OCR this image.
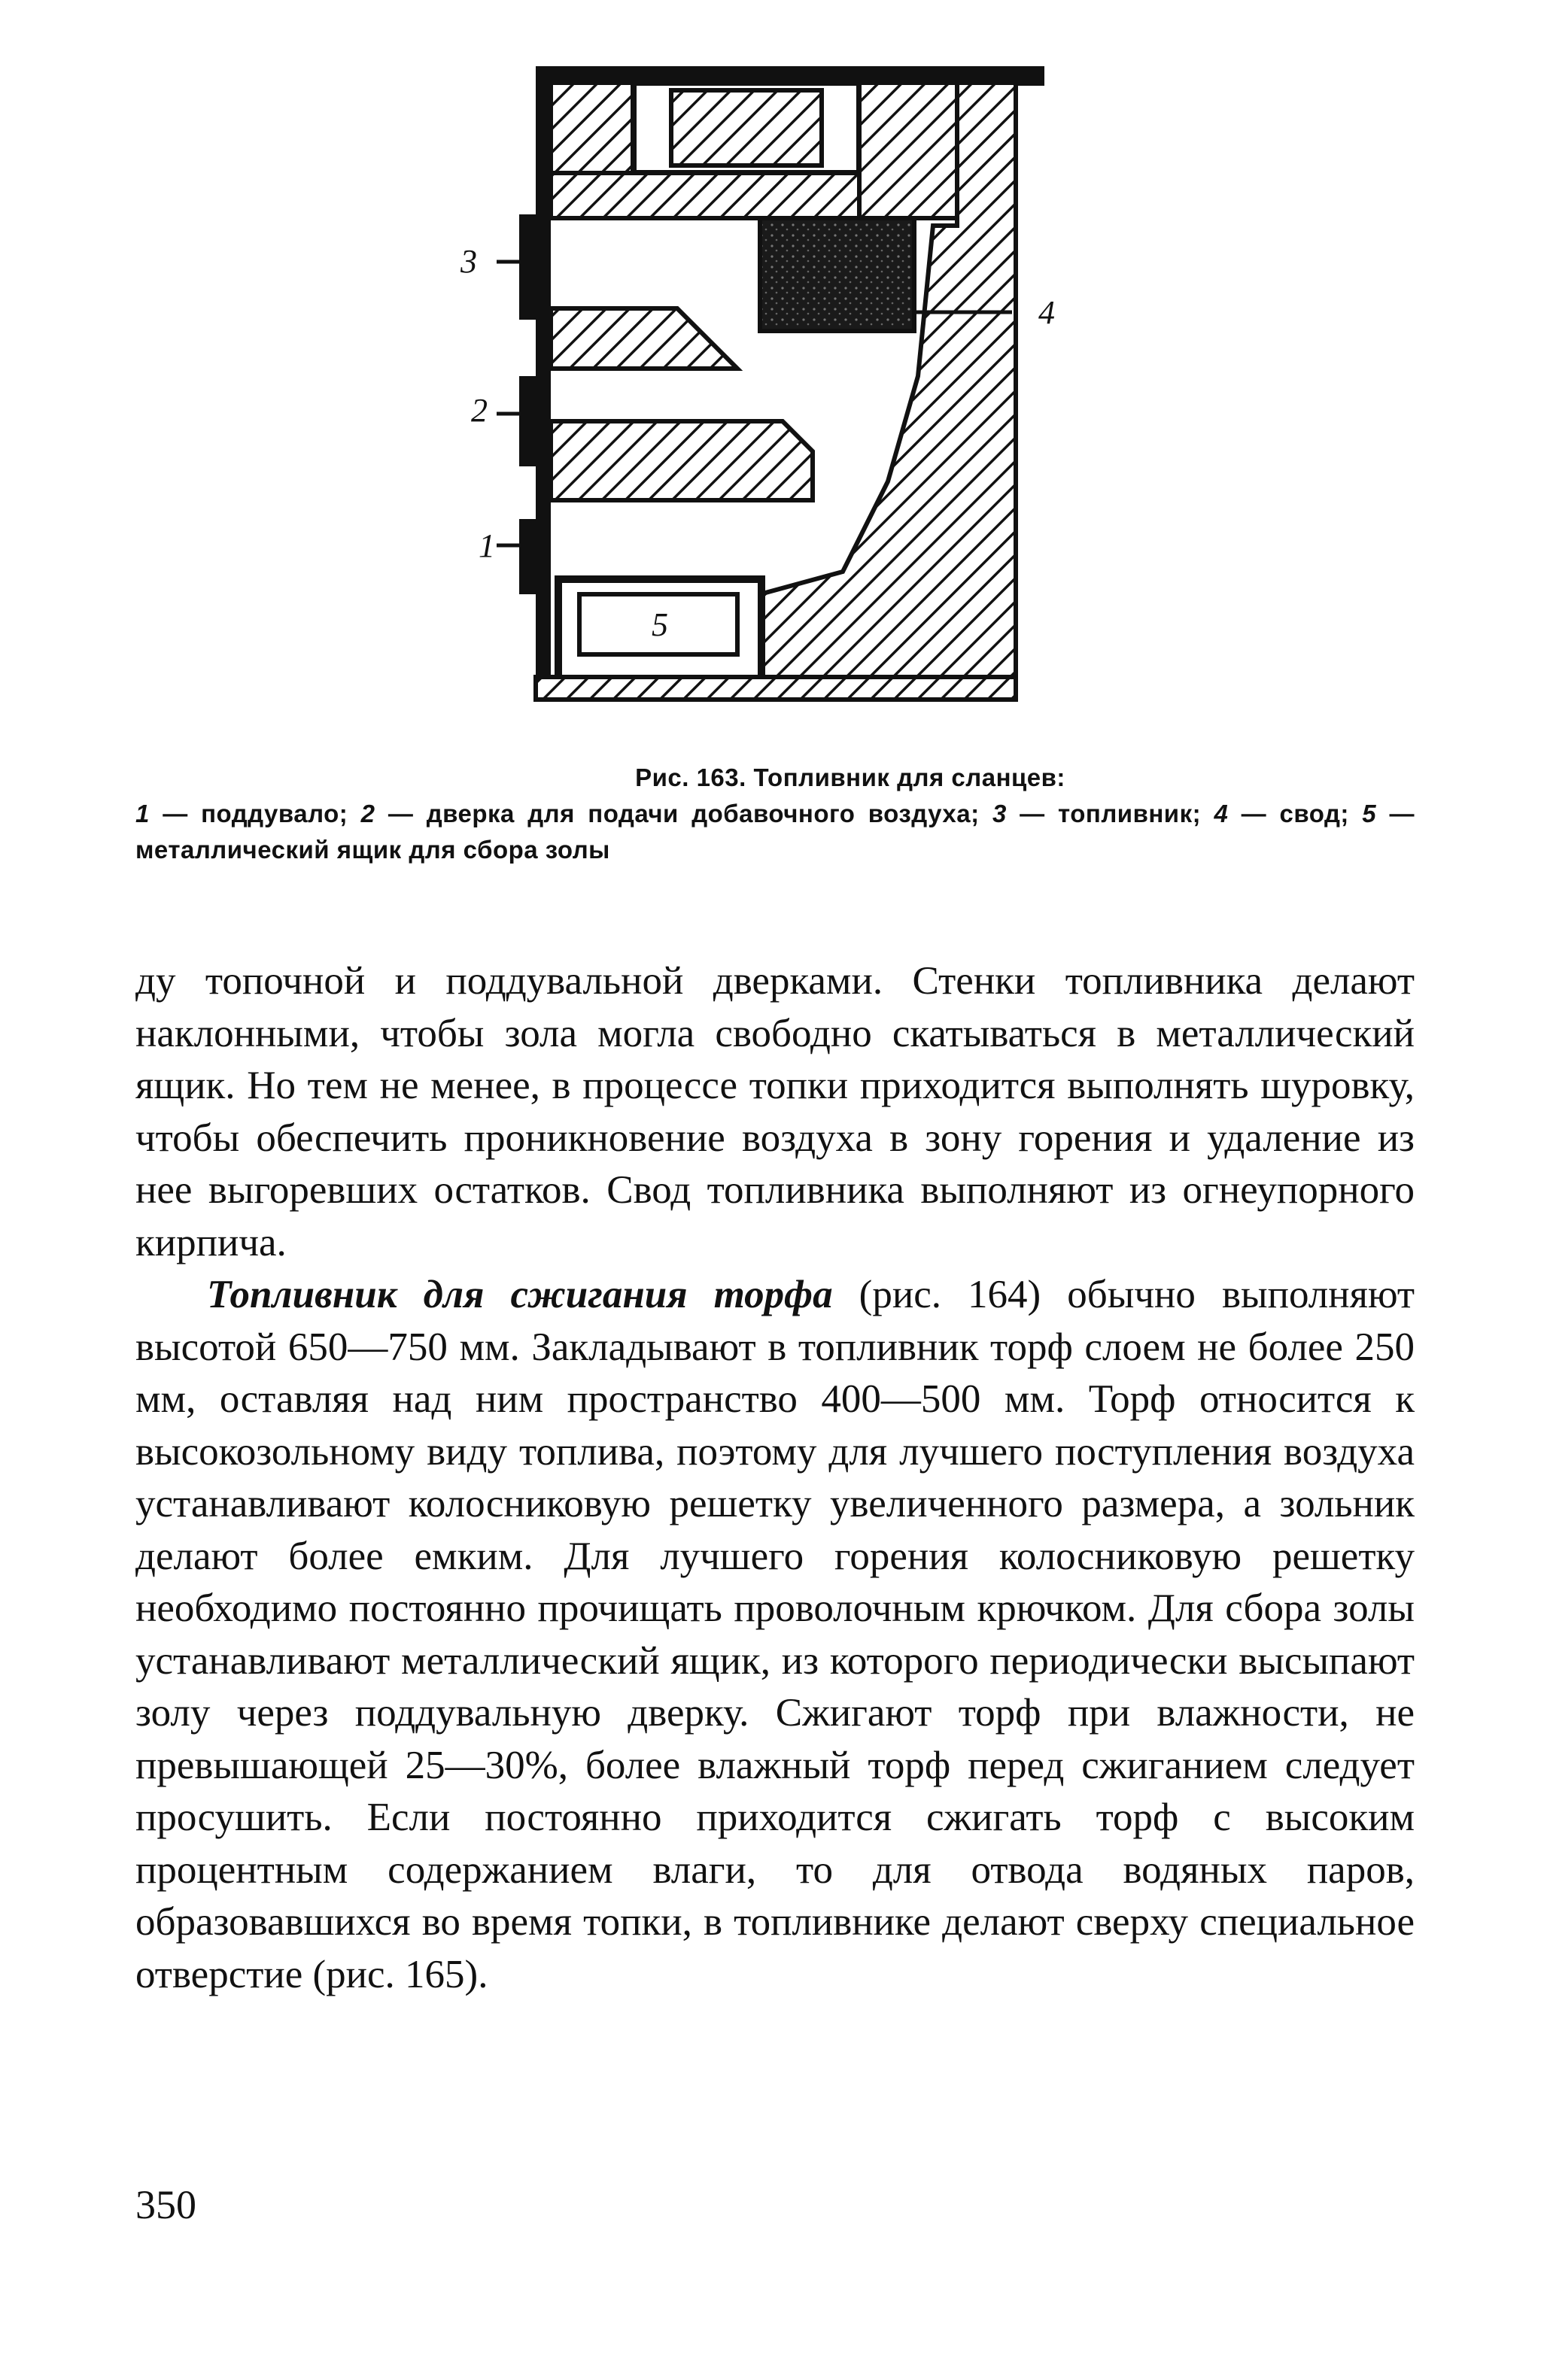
3
2
1
4
5
Рис. 163. Топливник для сланцев:
1 — поддувало; 2 — дверка для подачи добавочного воздуха; 3 — топливник; 4 — свод; 5 — металлический ящик для сбора золы

ду топочной и поддувальной дверками. Стенки топливника делают наклонными, чтобы зола могла свободно скатываться в металлический ящик. Но тем не менее, в процессе топки приходится выполнять шуровку, чтобы обеспечить проникновение воздуха в зону горения и удаление из нее выгоревших остатков. Свод топливника выполняют из огнеупорного кирпича.

Топливник для сжигания торфа (рис. 164) обычно выполняют высотой 650—750 мм. Закладывают в топливник торф слоем не более 250 мм, оставляя над ним пространство 400—500 мм. Торф относится к высокозольному виду топлива, поэтому для лучшего поступления воздуха устанавливают колосниковую решетку увеличенного размера, а зольник делают более емким. Для лучшего горения колосниковую решетку необходимо постоянно прочищать проволочным крючком. Для сбора золы устанавливают металлический ящик, из которого периодически высыпают золу через поддувальную дверку. Сжигают торф при влажности, не превышающей 25—30%, более влажный торф перед сжиганием следует просушить. Если постоянно приходится сжигать торф с высоким процентным содержанием влаги, то для отвода водяных паров, образовавшихся во время топки, в топливнике делают сверху специальное отверстие (рис. 165).

350
